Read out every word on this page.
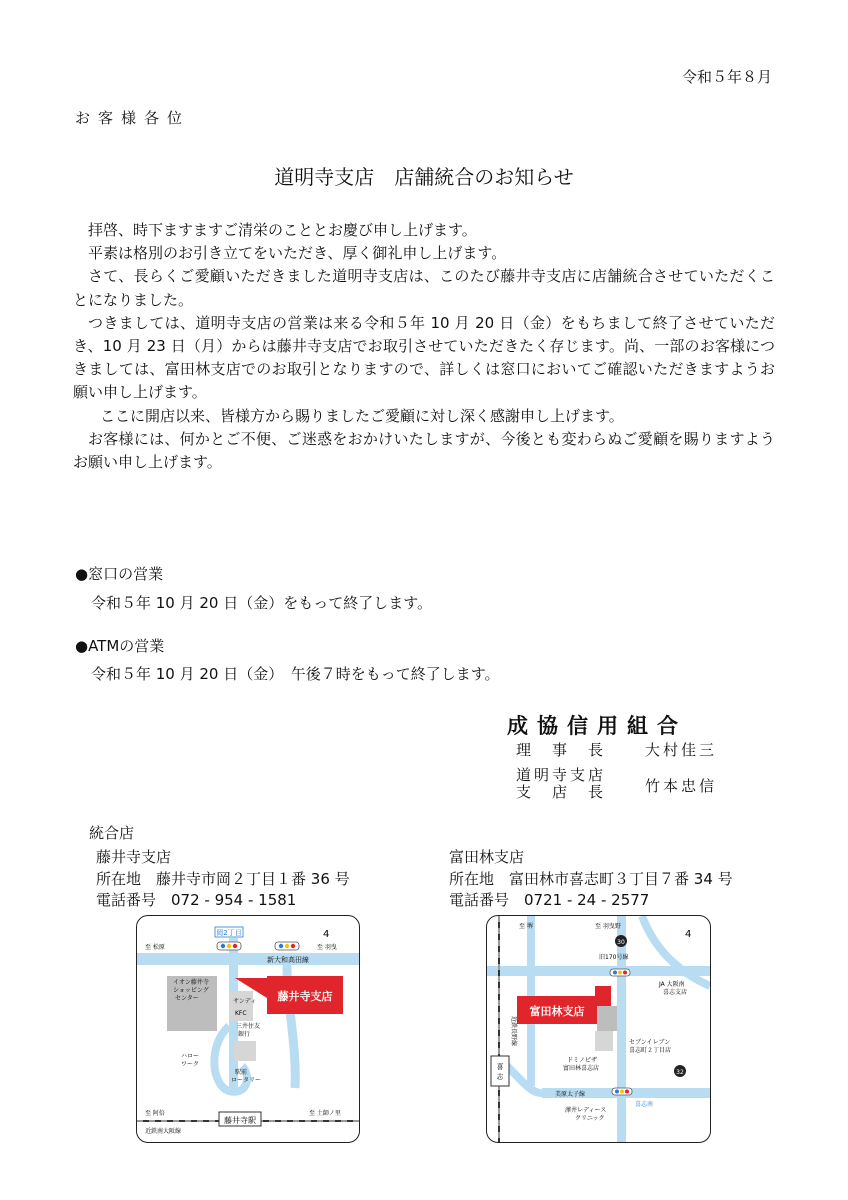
令和５年８月
お客様各位
道明寺支店　店舗統合のお知らせ

拝啓、時下ますますご清栄のこととお慶び申し上げます。

平素は格別のお引き立てをいただき、厚く御礼申し上げます。

さて、長らくご愛顧いただきました道明寺支店は、このたび藤井寺支店に店舗統合させていただくことになりました。

つきましては、道明寺支店の営業は来る令和５年 10 月 20 日（金）をもちまして終了させていただき、10 月 23 日（月）からは藤井寺支店でお取引させていただきたく存じます。尚、一部のお客様につきましては、富田林支店でのお取引となりますので、詳しくは窓口においてご確認いただきますようお願い申し上げます。

ここに開店以来、皆様方から賜りましたご愛顧に対し深く感謝申し上げます。

お客様には、何かとご不便、ご迷惑をおかけいたしますが、今後とも変わらぬご愛顧を賜りますようお願い申し上げます。

●窓口の営業
令和５年 10 月 20 日（金）をもって終了します。
●ATMの営業
令和５年 10 月 20 日（金）　午後７時をもって終了します。
成協信用組合
理　事　長	大村佳三
道明寺支店
支　店　長	竹本忠信
統合店
藤井寺支店
所在地　藤井寺市岡２丁目１番 36 号
電話番号　072 - 954 - 1581
富田林支店
所在地　富田林市喜志町３丁目７番 34 号
電話番号　0721 - 24 - 2577
藤井寺支店
岡2丁目
藤井寺駅
至 松原	至 羽曳
新大和高田線
イオン藤井寺
ショッピング
センター	サンディ
KFC
三井住友
銀行
ハロー
ワーク
駅前
ロータリー
至 阿倍	至 土師ノ里
近鉄南大阪線
4
富田林支店
喜
志
30
32
至 堺	至 羽曳野
旧170号線
JA 大阪南
喜志支店
セブンイレブン
喜志町２丁目店
ドミノピザ
富田林喜志店
美原太子線
喜志南
澤井レディース
クリニック
近鉄長野線
4
